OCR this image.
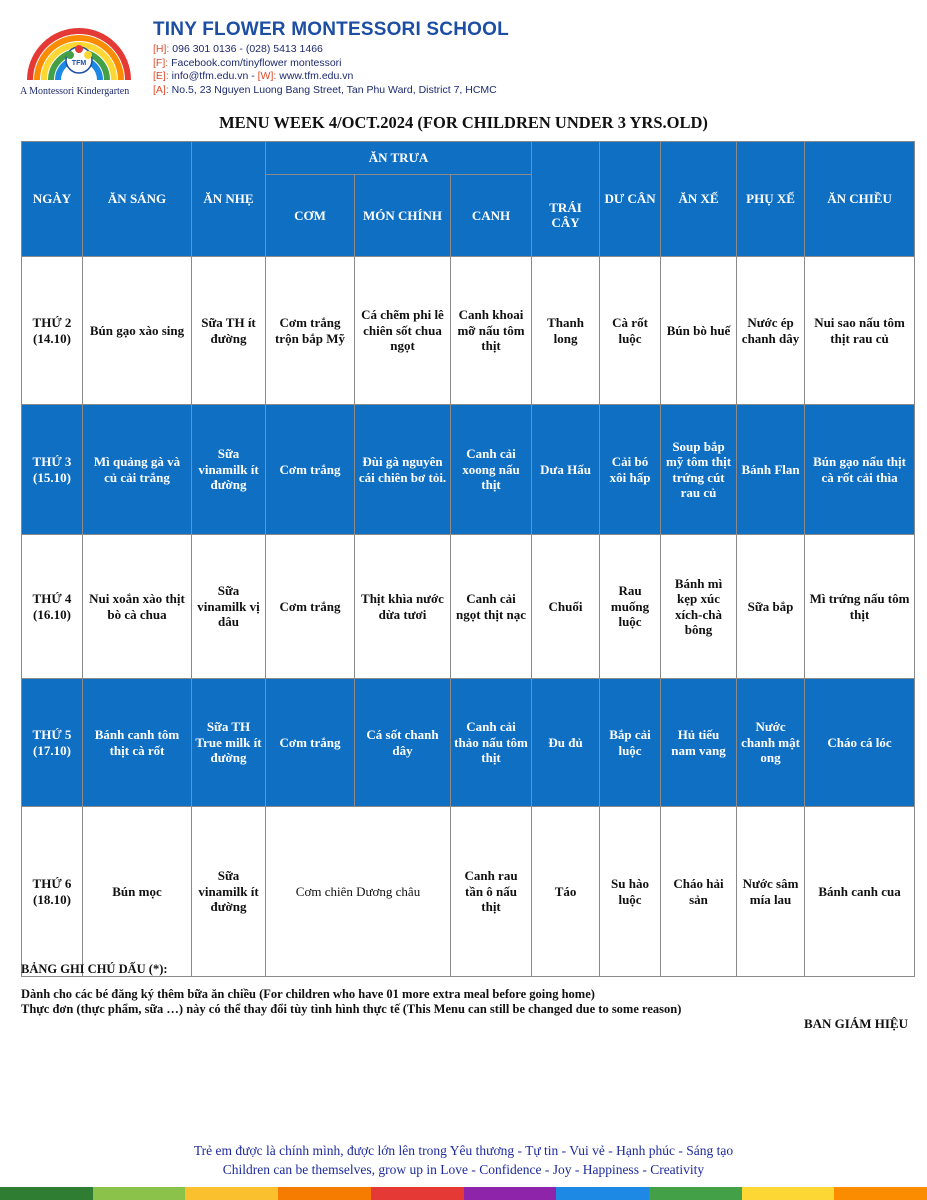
TFM
A Montessori Kindergarten
TINY FLOWER MONTESSORI SCHOOL
[H]: 096 301 0136 - (028) 5413 1466
[F]: Facebook.com/tinyflower montessori
[E]: info@tfm.edu.vn - [W]: www.tfm.edu.vn
[A]: No.5, 23 Nguyen Luong Bang Street, Tan Phu Ward, District 7, HCMC
MENU WEEK 4/OCT.2024 (FOR CHILDREN UNDER 3 YRS.OLD)
NGÀY	ĂN SÁNG	ĂN NHẸ	ĂN TRƯA				DƯ CÂN	ĂN XẾ	PHỤ XẾ	ĂN CHIỀU
			CƠM	MÓN CHÍNH	CANH	TRÁI CÂY				
THỨ 2
(14.10)	Bún gạo xào sing	Sữa TH ít đường	Cơm trắng trộn bắp Mỹ	Cá chẽm phi lê chiên sốt chua ngọt	Canh khoai mỡ nấu tôm thịt	Thanh long	Cà rốt luộc	Bún bò huế	Nước ép chanh dây	Nui sao nấu tôm thịt rau củ
THỨ 3
(15.10)	Mì quảng gà và củ cải trắng	Sữa vinamilk ít đường	Cơm trắng	Đùi gà nguyên cái chiên bơ tỏi.	Canh cải xoong nấu thịt	Dưa Hấu	Cải bó xôi hấp	Soup bắp mỹ tôm thịt trứng cút rau củ	Bánh Flan	Bún gạo nấu thịt cà rốt cải thìa
THỨ 4
(16.10)	Nui xoắn xào thịt bò cà chua	Sữa vinamilk vị dâu	Cơm trắng	Thịt khìa nước dừa tươi	Canh cải ngọt thịt nạc	Chuối	Rau muống luộc	Bánh mì kẹp xúc xích-chà bông	Sữa bắp	Mì trứng nấu tôm thịt
THỨ 5
(17.10)	Bánh canh tôm thịt cà rốt	Sữa TH True milk ít đường	Cơm trắng	Cá sốt chanh dây	Canh cải thảo nấu tôm thịt	Đu đủ	Bắp cải luộc	Hủ tiếu nam vang	Nước chanh mật ong	Cháo cá lóc
THỨ 6
(18.10)	Bún mọc	Sữa vinamilk ít đường	Cơm chiên Dương châu		Canh rau tần ô nấu thịt	Táo	Su hào luộc	Cháo hải sản	Nước sâm mía lau	Bánh canh cua
BẢNG GHI CHÚ DẤU (*):
Dành cho các bé đăng ký thêm bữa ăn chiều (For children who have 01 more extra meal before going home)
Thực đơn (thực phẩm, sữa …) này có thể thay đổi tùy tình hình thực tế (This Menu can still be changed due to some reason)
BAN GIÁM HIỆU
Trẻ em được là chính mình, được lớn lên trong Yêu thương - Tự tin - Vui vẻ - Hạnh phúc - Sáng tạo
Children can be themselves, grow up in Love - Confidence - Joy - Happiness - Creativity
